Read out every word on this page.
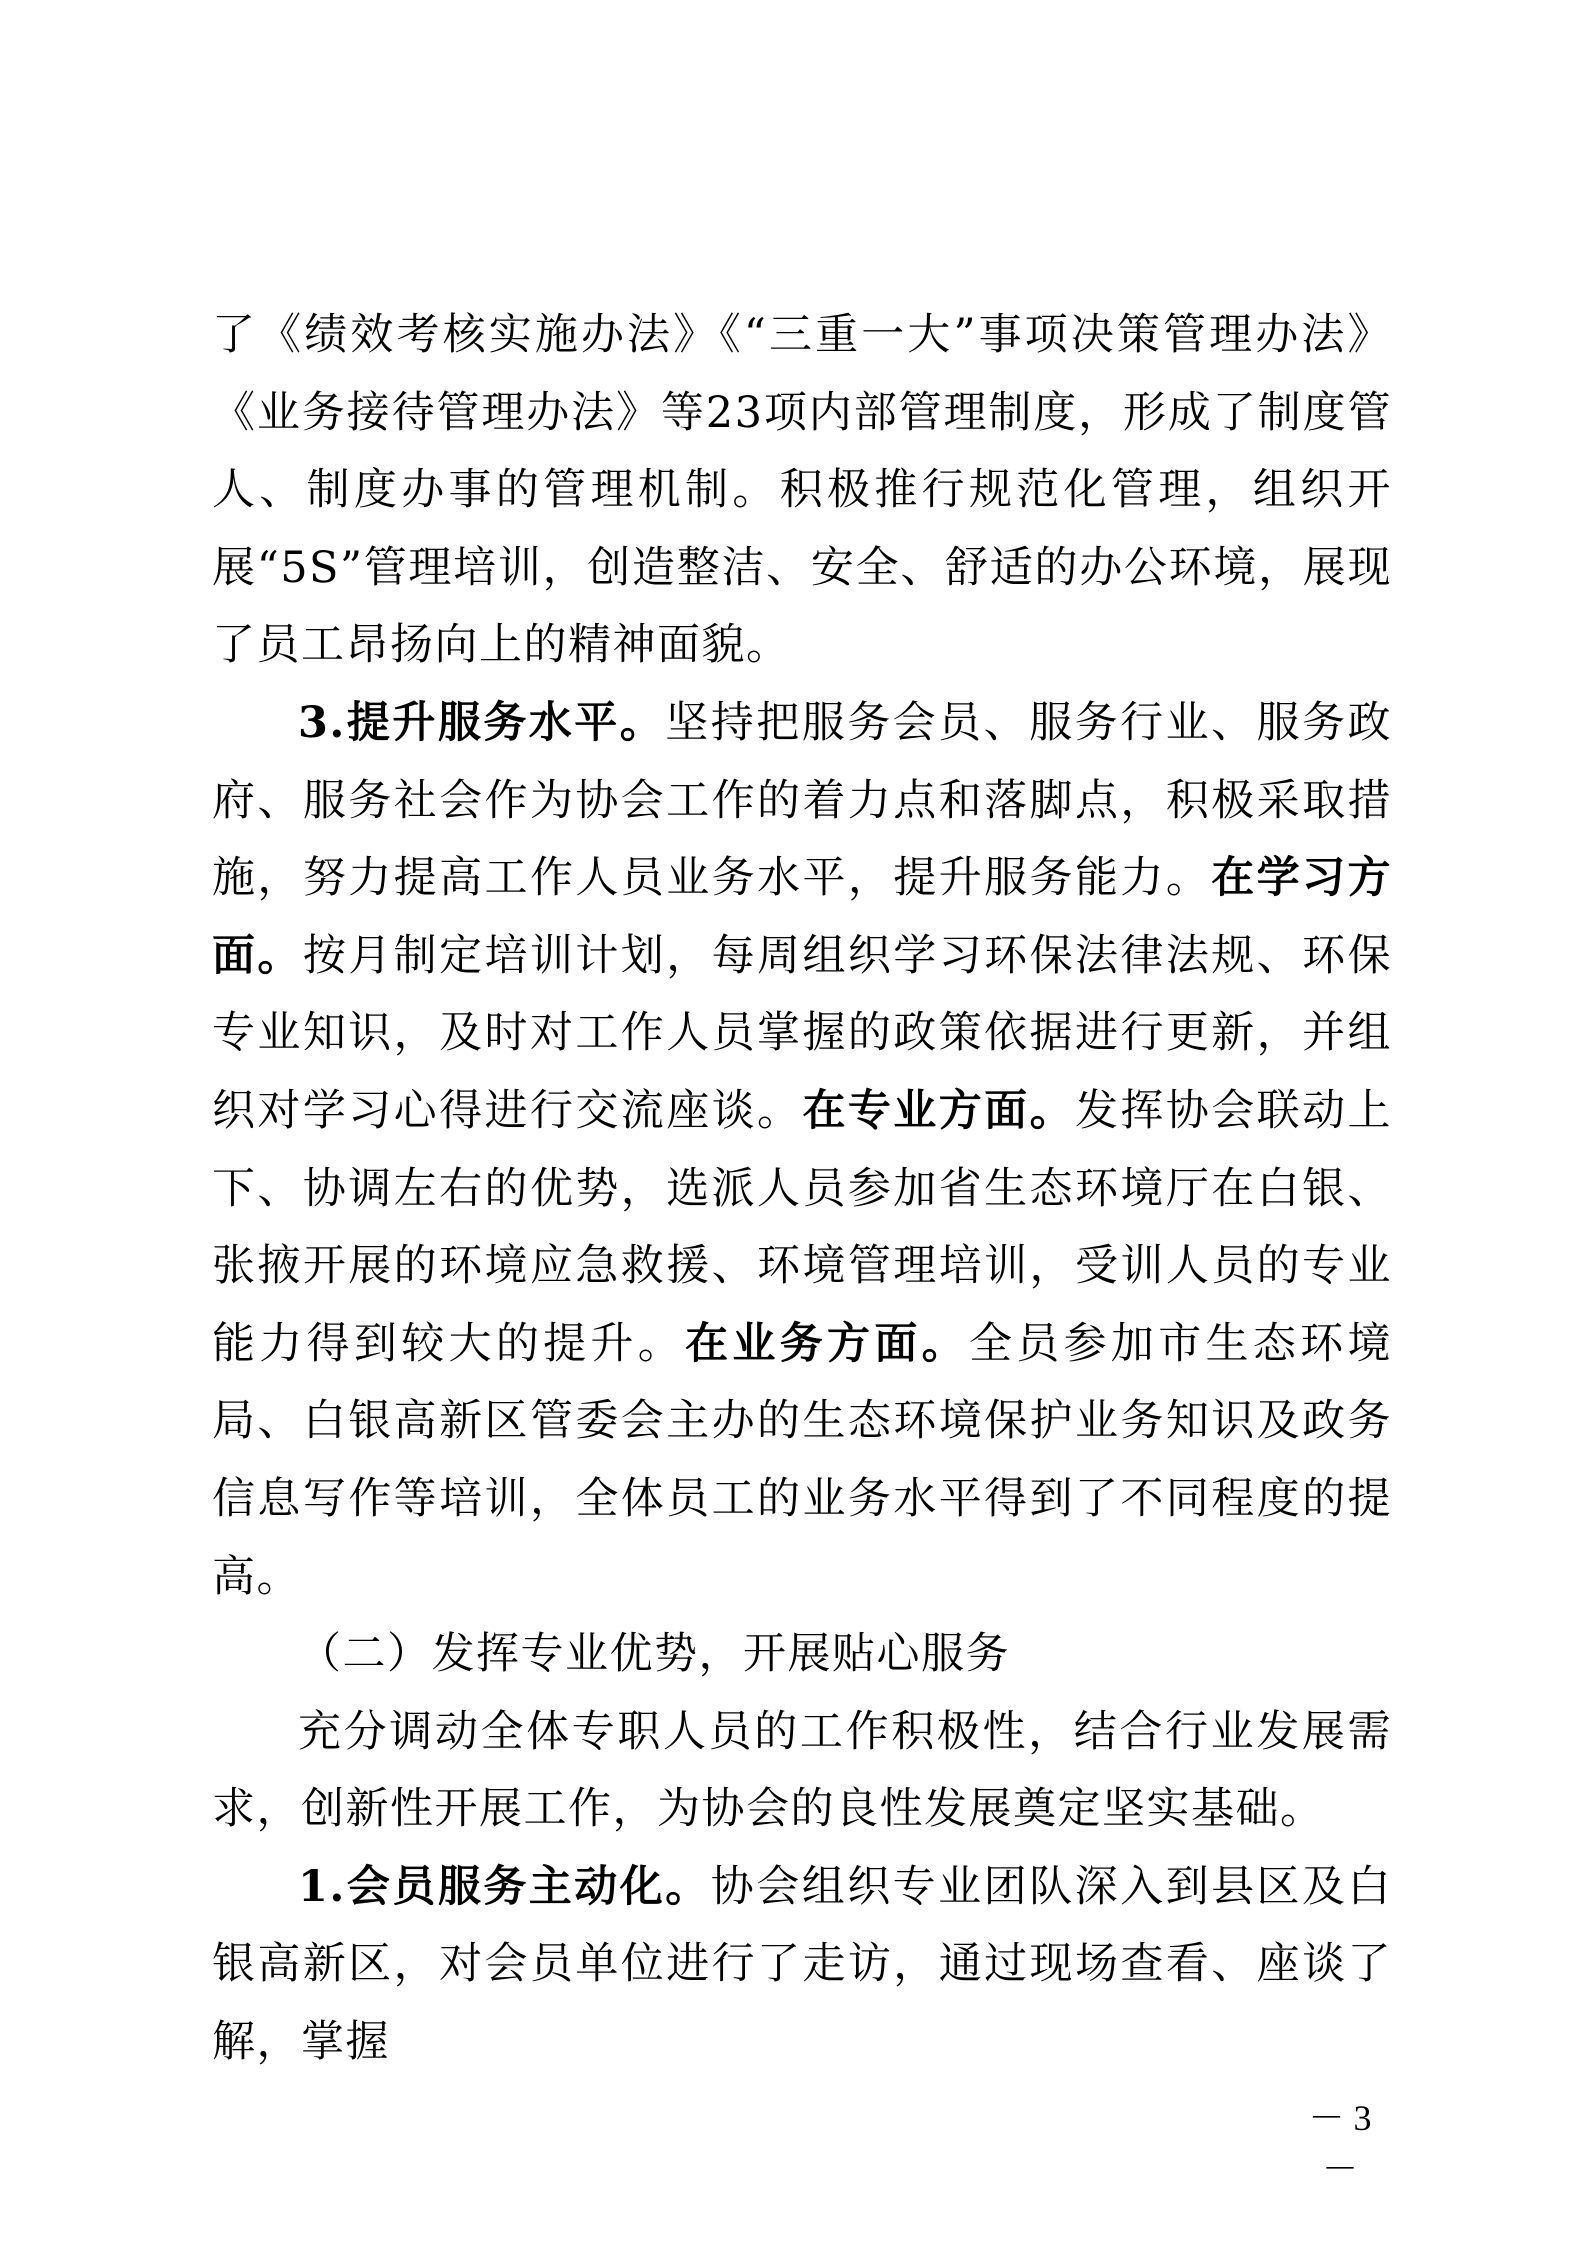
了《绩效考核实施办法》《“三重一大”事项决策管理办法》《业务接待管理办法》等23项内部管理制度，形成了制度管人、制度办事的管理机制。积极推行规范化管理，组织开展“5S”管理培训，创造整洁、安全、舒适的办公环境，展现了员工昂扬向上的精神面貌。

3.提升服务水平。坚持把服务会员、服务行业、服务政府、服务社会作为协会工作的着力点和落脚点，积极采取措施，努力提高工作人员业务水平，提升服务能力。在学习方面。按月制定培训计划，每周组织学习环保法律法规、环保专业知识，及时对工作人员掌握的政策依据进行更新，并组织对学习心得进行交流座谈。在专业方面。发挥协会联动上下、协调左右的优势，选派人员参加省生态环境厅在白银、张掖开展的环境应急救援、环境管理培训，受训人员的专业能力得到较大的提升。在业务方面。全员参加市生态环境局、白银高新区管委会主办的生态环境保护业务知识及政务信息写作等培训，全体员工的业务水平得到了不同程度的提高。

（二）发挥专业优势，开展贴心服务

充分调动全体专职人员的工作积极性，结合行业发展需求，创新性开展工作，为协会的良性发展奠定坚实基础。

1.会员服务主动化。协会组织专业团队深入到县区及白银高新区，对会员单位进行了走访，通过现场查看、座谈了解，掌握

－ 3 －
